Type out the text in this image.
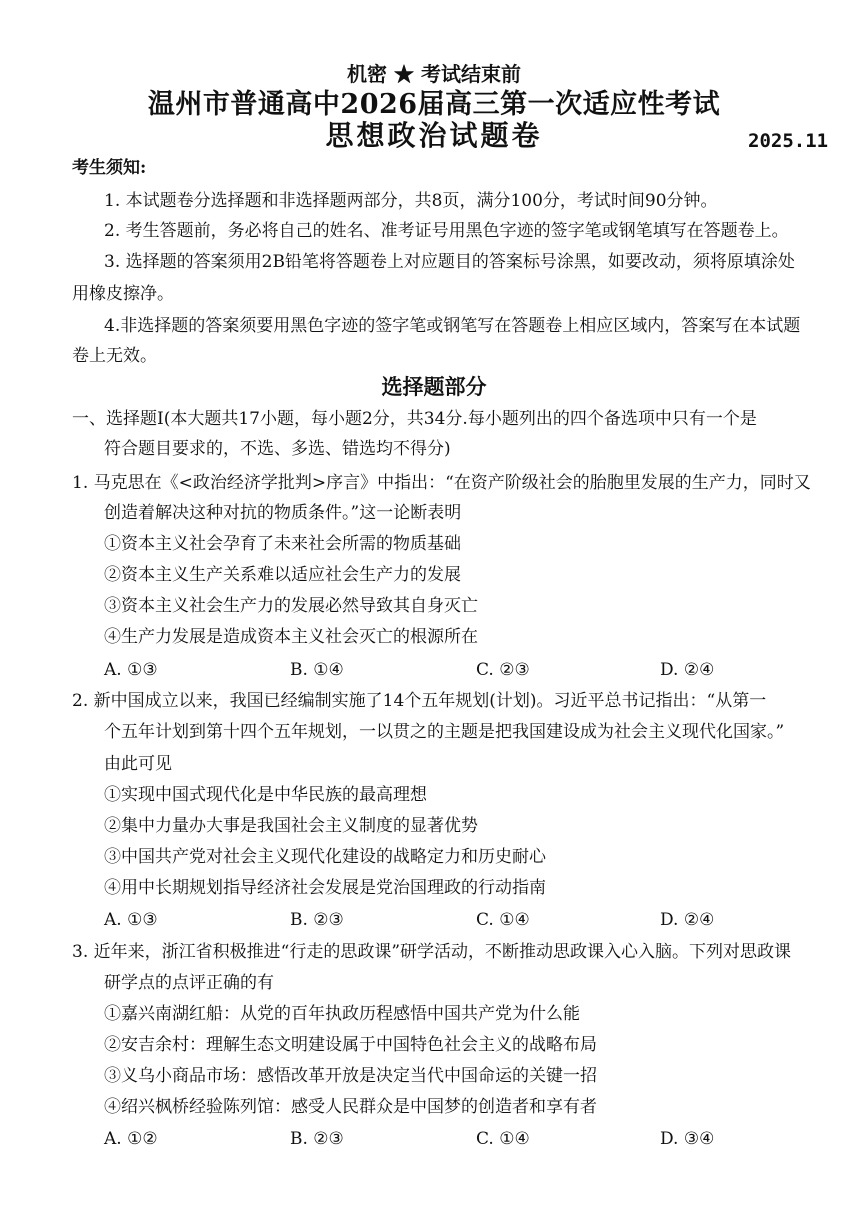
机密 ★ 考试结束前
温州市普通高中2026届高三第一次适应性考试
思想政治试题卷	2025.11
考生须知:
1. 本试题卷分选择题和非选择题两部分，共8页，满分100分，考试时间90分钟。
2. 考生答题前，务必将自己的姓名、准考证号用黑色字迹的签字笔或钢笔填写在答题卷上。
3. 选择题的答案须用2B铅笔将答题卷上对应题目的答案标号涂黑，如要改动，须将原填涂处
用橡皮擦净。
4.非选择题的答案须要用黑色字迹的签字笔或钢笔写在答题卷上相应区域内，答案写在本试题
卷上无效。
选择题部分
一、选择题Ⅰ(本大题共17小题，每小题2分，共34分.每小题列出的四个备选项中只有一个是
符合题目要求的，不选、多选、错选均不得分)
1. 马克思在《<政治经济学批判>序言》中指出：“在资产阶级社会的胎胞里发展的生产力，同时又
创造着解决这种对抗的物质条件。”这一论断表明
①资本主义社会孕育了未来社会所需的物质基础
②资本主义生产关系难以适应社会生产力的发展
③资本主义社会生产力的发展必然导致其自身灭亡
④生产力发展是造成资本主义社会灭亡的根源所在
A. ①③	B. ①④	C. ②③	D. ②④
2. 新中国成立以来，我国已经编制实施了14个五年规划(计划)。习近平总书记指出：“从第一
个五年计划到第十四个五年规划，一以贯之的主题是把我国建设成为社会主义现代化国家。”
由此可见
①实现中国式现代化是中华民族的最高理想
②集中力量办大事是我国社会主义制度的显著优势
③中国共产党对社会主义现代化建设的战略定力和历史耐心
④用中长期规划指导经济社会发展是党治国理政的行动指南
A. ①③	B. ②③	C. ①④	D. ②④
3. 近年来，浙江省积极推进“行走的思政课”研学活动，不断推动思政课入心入脑。下列对思政课
研学点的点评正确的有
①嘉兴南湖红船：从党的百年执政历程感悟中国共产党为什么能
②安吉余村：理解生态文明建设属于中国特色社会主义的战略布局
③义乌小商品市场：感悟改革开放是决定当代中国命运的关键一招
④绍兴枫桥经验陈列馆：感受人民群众是中国梦的创造者和享有者
A. ①②	B. ②③	C. ①④	D. ③④
